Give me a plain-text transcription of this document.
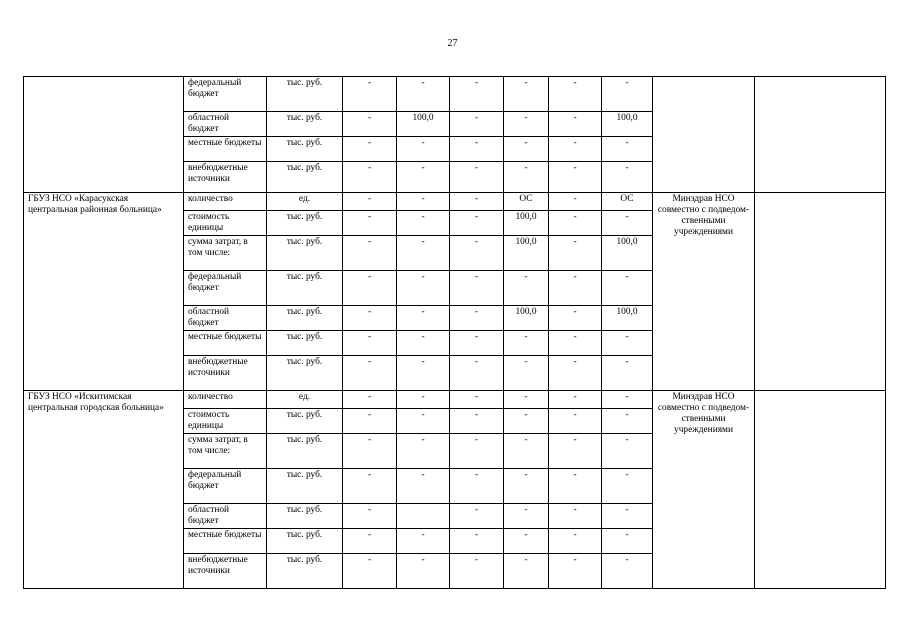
27
	федеральный бюджет	тыс. руб.	-	-	-	-	-	-		
	областной бюджет	тыс. руб.	-	100,0	-	-	-	100,0		
	местные бюджеты	тыс. руб.	-	-	-	-	-	-		
	внебюджетные источники	тыс. руб.	-	-	-	-	-	-		
ГБУЗ НСО «Карасукская центральная районная больница»	количество	ед.	-	-	-	ОС	-	ОС	Минздрав НСО совместно с подведом-ственными учреждениями	
	стоимость единицы	тыс. руб.	-	-	-	100,0	-	-		
	сумма затрат, в том числе:	тыс. руб.	-	-	-	100,0	-	100,0		
	федеральный бюджет	тыс. руб.	-	-	-	-	-	-		
	областной бюджет	тыс. руб.	-	-	-	100,0	-	100,0		
	местные бюджеты	тыс. руб.	-	-	-	-	-	-		
	внебюджетные источники	тыс. руб.	-	-	-	-	-	-		
ГБУЗ НСО «Искитимская центральная городская больница»	количество	ед.	-	-	-	-	-	-	Минздрав НСО совместно с подведом-ственными учреждениями	
	стоимость единицы	тыс. руб.	-	-	-	-	-	-		
	сумма затрат, в том числе:	тыс. руб.	-	-	-	-	-	-		
	федеральный бюджет	тыс. руб.	-	-	-	-	-	-		
	областной бюджет	тыс. руб.	-		-	-	-	-		
	местные бюджеты	тыс. руб.	-	-	-	-	-	-		
	внебюджетные источники	тыс. руб.	-	-	-	-	-	-		
